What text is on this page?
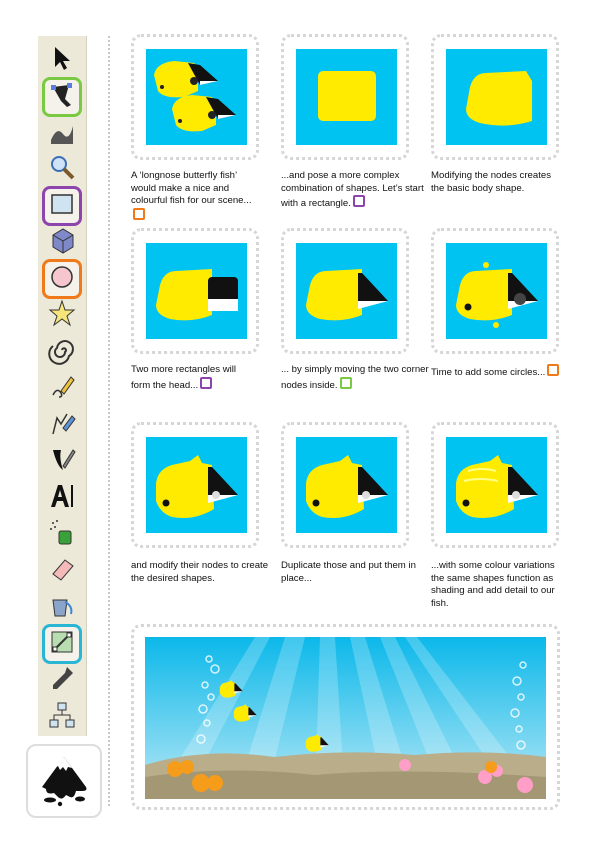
A ‘longnose butterfly fish’ would make a nice and colourful fish for our scene...
...and pose a more complex combination of shapes. Let’s start with a rectangle.
Modifying the nodes creates the basic body shape.
Two more rectangles will form the head...
... by simply moving the two corner nodes inside.
Time to add some circles...
and modify their nodes to create the desired shapes.
Duplicate those and put them in place...
...with some colour variations the same shapes function as shading and add detail to our fish.
